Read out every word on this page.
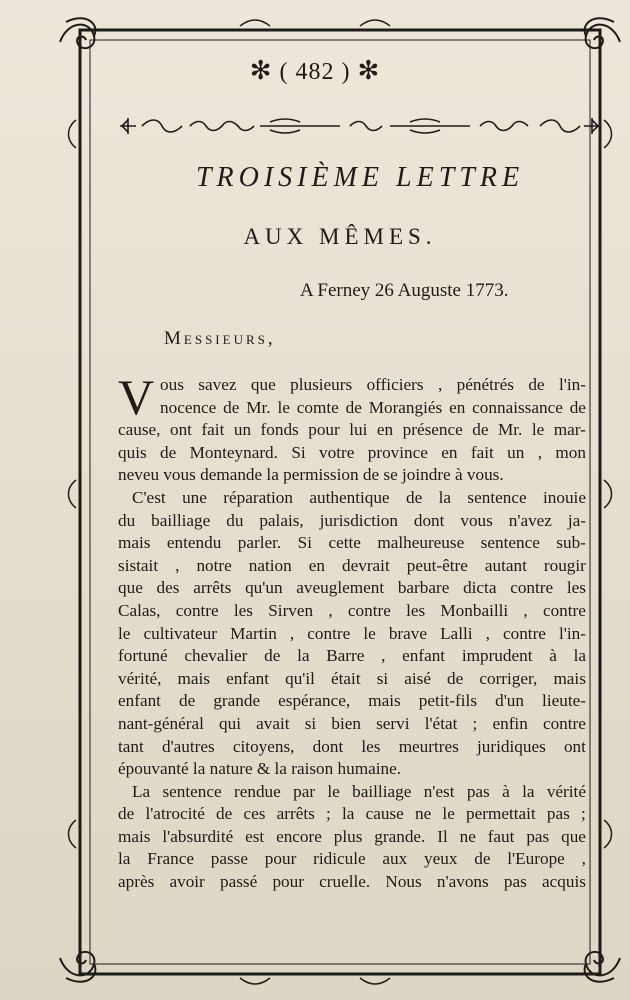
✻ ( 482 ) ✻
TROISIÈME LETTRE
AUX MÊMES.
A Ferney 26 Auguste 1773.
Messieurs,
V ous savez que plusieurs officiers , pénétrés de l'in-
nocence de Mr. le comte de Morangiés en connaissance de
cause, ont fait un fonds pour lui en présence de Mr. le mar-
quis de Monteynard. Si votre province en fait un , mon
neveu vous demande la permission de se joindre à vous.
C'est une réparation authentique de la sentence inouie
du bailliage du palais, jurisdiction dont vous n'avez ja-
mais entendu parler. Si cette malheureuse sentence sub-
sistait , notre nation en devrait peut-être autant rougir
que des arrêts qu'un aveuglement barbare dicta contre les
Calas, contre les Sirven , contre les Monbailli , contre
le cultivateur Martin , contre le brave Lalli , contre l'in-
fortuné chevalier de la Barre , enfant imprudent à la
vérité, mais enfant qu'il était si aisé de corriger, mais
enfant de grande espérance, mais petit-fils d'un lieute-
nant-général qui avait si bien servi l'état ; enfin contre
tant d'autres citoyens, dont les meurtres juridiques ont
épouvanté la nature & la raison humaine.
La sentence rendue par le bailliage n'est pas à la vérité
de l'atrocité de ces arrêts ; la cause ne le permettait pas ;
mais l'absurdité est encore plus grande. Il ne faut pas que
la France passe pour ridicule aux yeux de l'Europe ,
après avoir passé pour cruelle. Nous n'avons pas acquis
